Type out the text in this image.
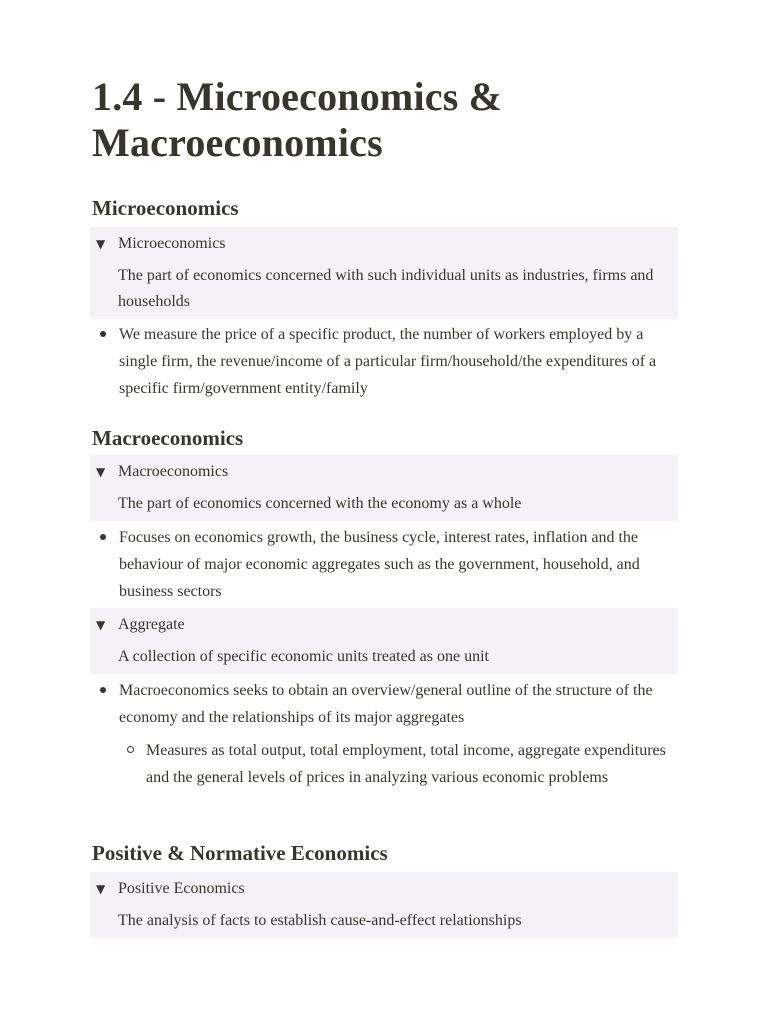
1.4 - Microeconomics & Macroeconomics
Microeconomics
▼ Microeconomics
The part of economics concerned with such individual units as industries, firms and households
We measure the price of a specific product, the number of workers employed by a single firm, the revenue/income of a particular firm/household/the expenditures of a specific firm/government entity/family
Macroeconomics
▼ Macroeconomics
The part of economics concerned with the economy as a whole
Focuses on economics growth, the business cycle, interest rates, inflation and the behaviour of major economic aggregates such as the government, household, and business sectors
▼ Aggregate
A collection of specific economic units treated as one unit
Macroeconomics seeks to obtain an overview/general outline of the structure of the economy and the relationships of its major aggregates
Measures as total output, total employment, total income, aggregate expenditures and the general levels of prices in analyzing various economic problems
Positive & Normative Economics
▼ Positive Economics
The analysis of facts to establish cause-and-effect relationships
